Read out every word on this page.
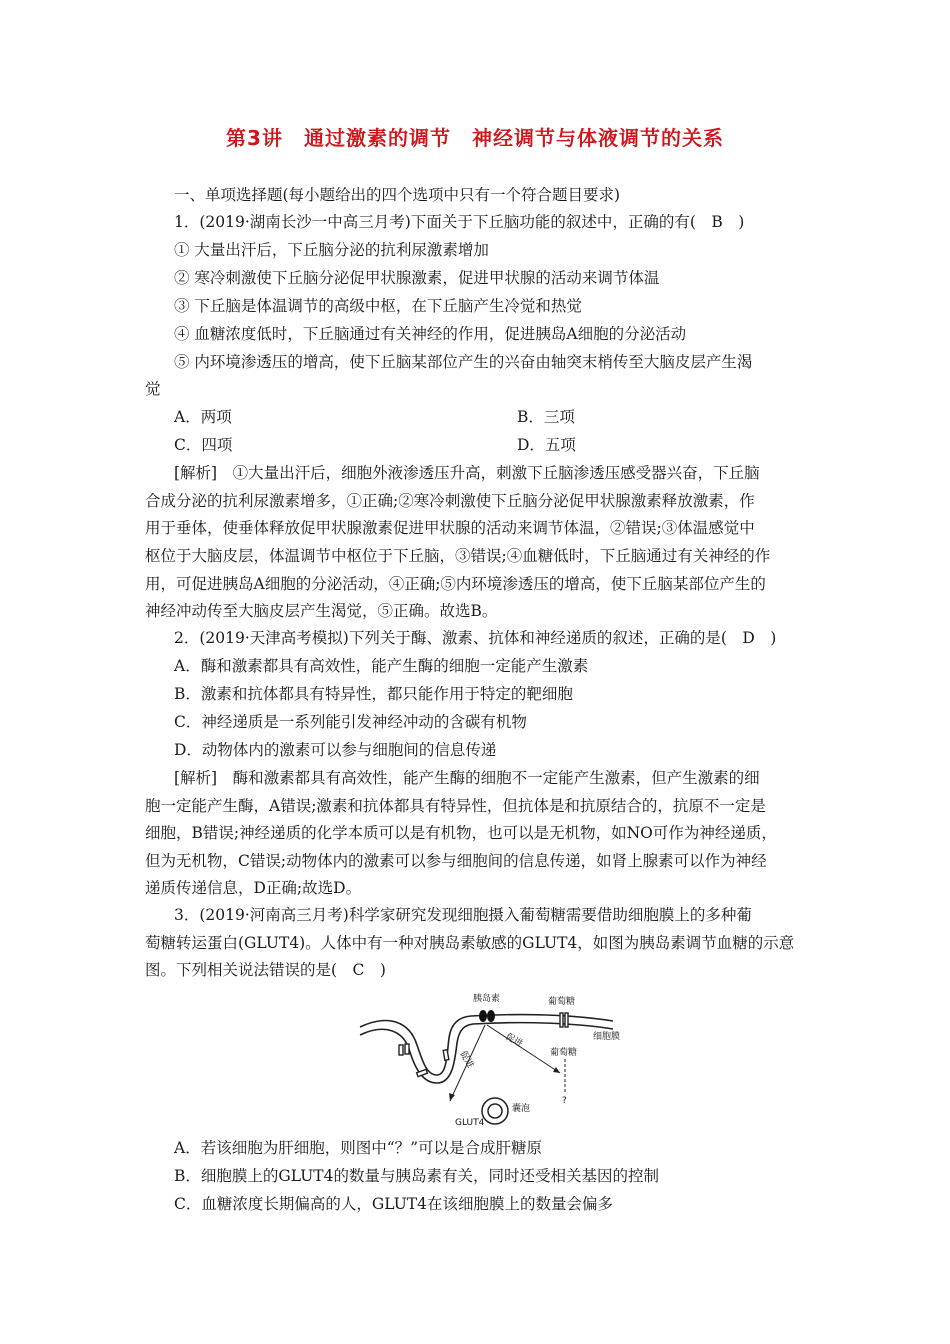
第3讲　通过激素的调节　神经调节与体液调节的关系
一、单项选择题(每小题给出的四个选项中只有一个符合题目要求)
1．(2019·湖南长沙一中高三月考)下面关于下丘脑功能的叙述中，正确的有(　B　)
① 大量出汗后，下丘脑分泌的抗利尿激素增加
② 寒冷刺激使下丘脑分泌促甲状腺激素，促进甲状腺的活动来调节体温
③ 下丘脑是体温调节的高级中枢，在下丘脑产生冷觉和热觉
④ 血糖浓度低时，下丘脑通过有关神经的作用，促进胰岛A细胞的分泌活动
⑤ 内环境渗透压的增高，使下丘脑某部位产生的兴奋由轴突末梢传至大脑皮层产生渴
觉
A．两项	B．三项
C．四项	D．五项
[解析]　①大量出汗后，细胞外液渗透压升高，刺激下丘脑渗透压感受器兴奋，下丘脑
合成分泌的抗利尿激素增多，①正确;②寒冷刺激使下丘脑分泌促甲状腺激素释放激素，作
用于垂体，使垂体释放促甲状腺激素促进甲状腺的活动来调节体温，②错误;③体温感觉中
枢位于大脑皮层，体温调节中枢位于下丘脑，③错误;④血糖低时，下丘脑通过有关神经的作
用，可促进胰岛A细胞的分泌活动，④正确;⑤内环境渗透压的增高，使下丘脑某部位产生的
神经冲动传至大脑皮层产生渴觉，⑤正确。故选B。
2．(2019·天津高考模拟)下列关于酶、激素、抗体和神经递质的叙述，正确的是(　D　)
A．酶和激素都具有高效性，能产生酶的细胞一定能产生激素
B．激素和抗体都具有特异性，都只能作用于特定的靶细胞
C．神经递质是一系列能引发神经冲动的含碳有机物
D．动物体内的激素可以参与细胞间的信息传递
[解析]　酶和激素都具有高效性，能产生酶的细胞不一定能产生激素，但产生激素的细
胞一定能产生酶，A错误;激素和抗体都具有特异性，但抗体是和抗原结合的，抗原不一定是
细胞，B错误;神经递质的化学本质可以是有机物，也可以是无机物，如NO可作为神经递质，
但为无机物，C错误;动物体内的激素可以参与细胞间的信息传递，如肾上腺素可以作为神经
递质传递信息，D正确;故选D。
3．(2019·河南高三月考)科学家研究发现细胞摄入葡萄糖需要借助细胞膜上的多种葡
萄糖转运蛋白(GLUT4)。人体中有一种对胰岛素敏感的GLUT4，如图为胰岛素调节血糖的示意
图。下列相关说法错误的是(　C　)
胰岛素	葡萄糖
细胞膜
促进
促进
葡萄糖
?
GLUT4
囊泡
A．若该细胞为肝细胞，则图中“？”可以是合成肝糖原
B．细胞膜上的GLUT4的数量与胰岛素有关，同时还受相关基因的控制
C．血糖浓度长期偏高的人，GLUT4在该细胞膜上的数量会偏多
